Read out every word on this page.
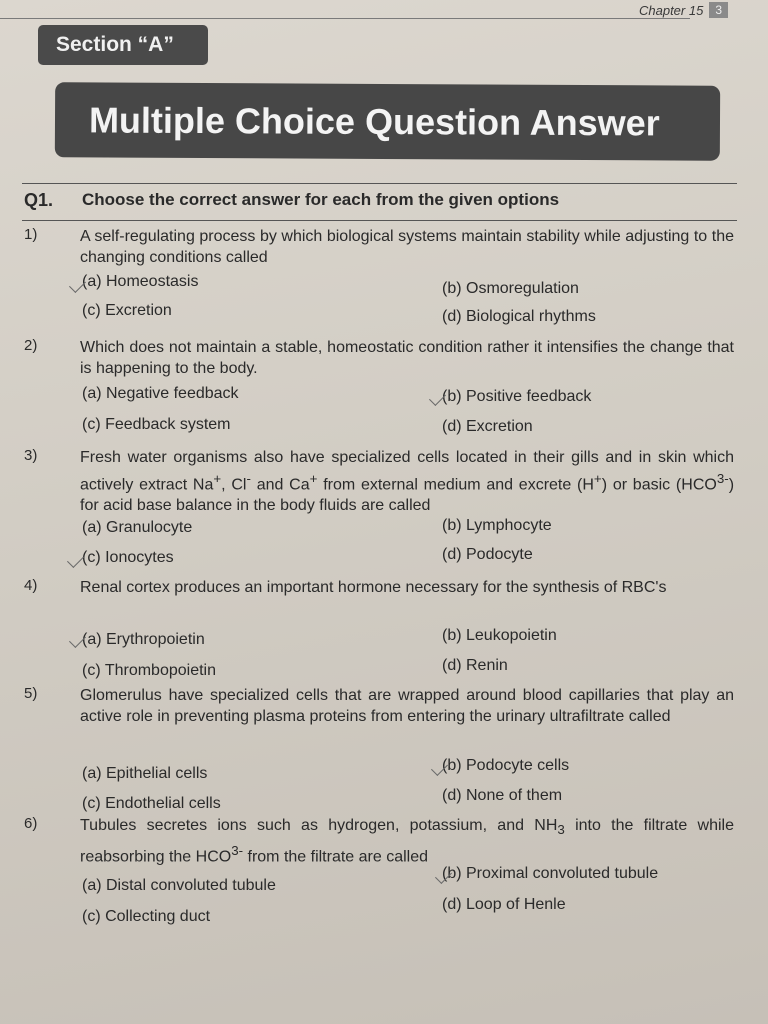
Chapter 15	3
Section “A”
Multiple Choice Question Answer
Q1. Choose the correct answer for each from the given options
1)	A self-regulating process by which biological systems maintain stability while adjusting to the changing conditions called
(a) Homeostasis	(b) Osmoregulation
(c) Excretion	(d) Biological rhythms
2)	Which does not maintain a stable, homeostatic condition rather it intensifies the change that is happening to the body.
(a) Negative feedback	(b) Positive feedback
(c) Feedback system	(d) Excretion
3)	Fresh water organisms also have specialized cells located in their gills and in skin which actively extract Na+, Cl- and Ca+ from external medium and excrete (H+) or basic $(HCO^{3-})$ for acid base balance in the body fluids are called
(a) Granulocyte	(b) Lymphocyte
(c) Ionocytes	(d) Podocyte
4)	Renal cortex produces an important hormone necessary for the synthesis of RBC's
(a) Erythropoietin	(b) Leukopoietin
(c) Thrombopoietin	(d) Renin
5)	Glomerulus have specialized cells that are wrapped around blood capillaries that play an active role in preventing plasma proteins from entering the urinary ultrafiltrate called
(a) Epithelial cells	(b) Podocyte cells
(c) Endothelial cells	(d) None of them
6)	Tubules secretes ions such as hydrogen, potassium, and $NH_3$ into the filtrate while reabsorbing the $HCO^{3-}$ from the filtrate are called
(a) Distal convoluted tubule
(b) Proximal convoluted tubule
(c) Collecting duct
(d) Loop of Henle
